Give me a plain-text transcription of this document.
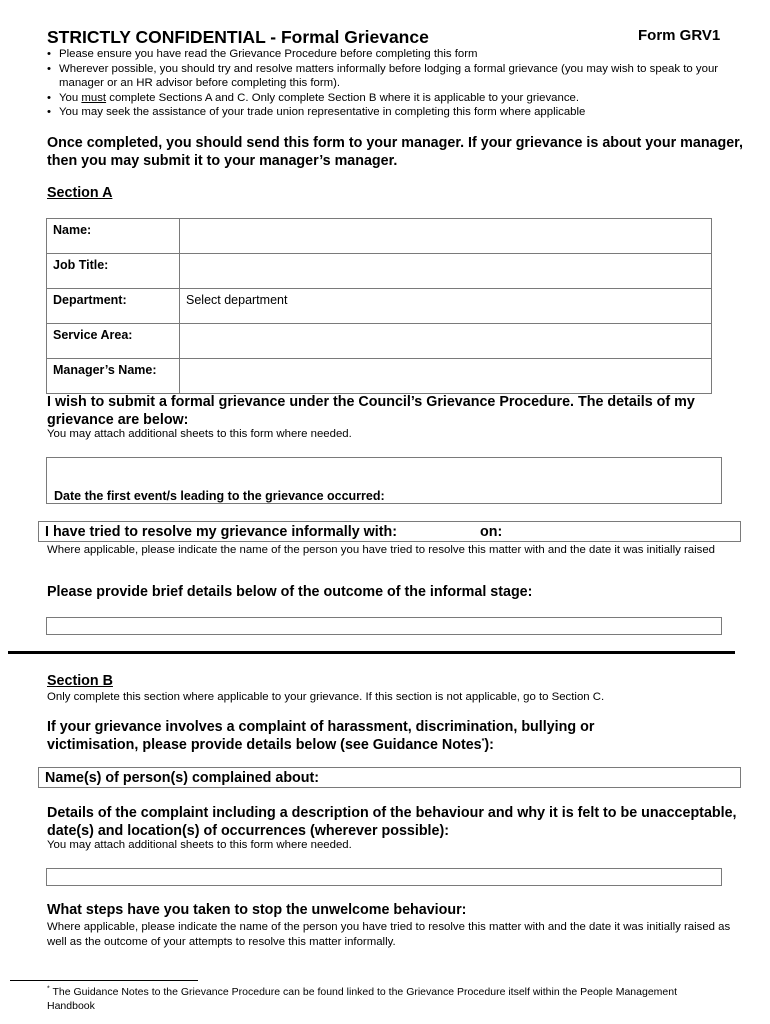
STRICTLY CONFIDENTIAL - Formal Grievance	Form GRV1
• Please ensure you have read the Grievance Procedure before completing this form
• Wherever possible, you should try and resolve matters informally before lodging a formal grievance (you may wish to speak to your manager or an HR advisor before completing this form).
• You must complete Sections A and C. Only complete Section B where it is applicable to your grievance.
• You may seek the assistance of your trade union representative in completing this form where applicable
Once completed, you should send this form to your manager. If your grievance is about your manager, then you may submit it to your manager’s manager.
Section A
Name:	
Job Title:	
Department:	Select department
Service Area:	
Manager’s Name:	
I wish to submit a formal grievance under the Council’s Grievance Procedure. The details of my grievance are below:
You may attach additional sheets to this form where needed.
Date the first event/s leading to the grievance occurred:
I have tried to resolve my grievance informally with:	on:
Where applicable, please indicate the name of the person you have tried to resolve this matter with and the date it was initially raised
Please provide brief details below of the outcome of the informal stage:
Section B
Only complete this section where applicable to your grievance. If this section is not applicable, go to Section C.
If your grievance involves a complaint of harassment, discrimination, bullying or victimisation, please provide details below (see Guidance Notes*):
Name(s) of person(s) complained about:
Details of the complaint including a description of the behaviour and why it is felt to be unacceptable, date(s) and location(s) of occurrences (wherever possible):
You may attach additional sheets to this form where needed.
What steps have you taken to stop the unwelcome behaviour:
Where applicable, please indicate the name of the person you have tried to resolve this matter with and the date it was initially raised as well as the outcome of your attempts to resolve this matter informally.
* The Guidance Notes to the Grievance Procedure can be found linked to the Grievance Procedure itself within the People Management Handbook
